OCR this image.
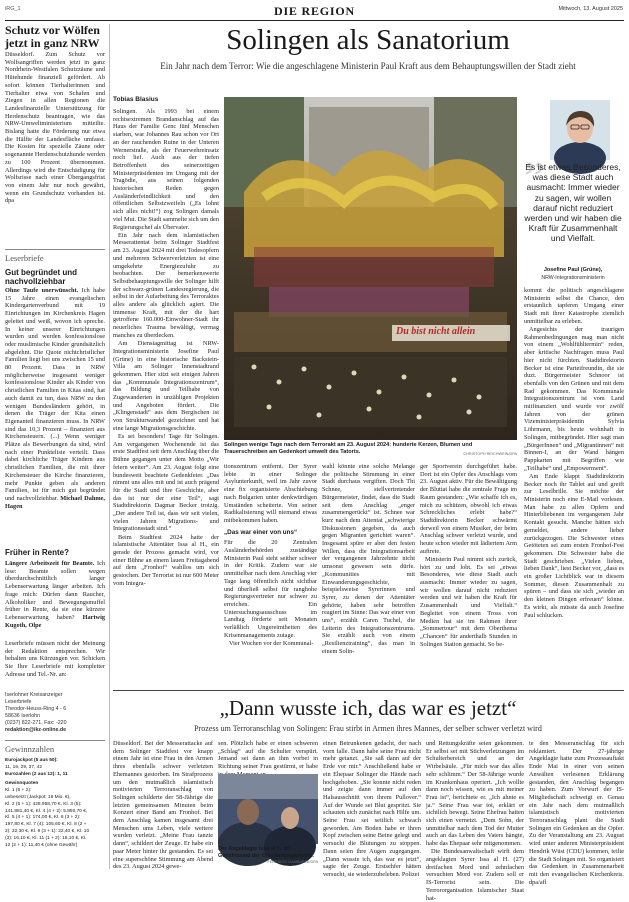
iRG_1	DIE REGION	Mittwoch, 13. August 2025
Schutz vor Wölfen jetzt in ganz NRW

Düsseldorf. Zum Schutz vor Wolfsangriffen werden jetzt in ganz Nordrhein-Westfalen Schutzzäune und Hütehunde finanziell gefördert. Ab sofort können Tierhalterinnen und Tierhalter etwa von Schafen und Ziegen in allen Regionen die Landesfinanzielle Unterstützung für Herdenschutz beantragen, wie das NRW-Umweltministerium mitteilte. Bislang hatte die Förderung nur etwa die Hälfte der Landesfläche umfasst. Die Kosten für spezielle Zäune oder sogenannte Herdenschutzhunde werden zu 100 Prozent übernommen. Allerdings wird die Entschädigung für Wolfsrisse nach einer Übergangsfrist von einem Jahr nur noch gewährt, wenn ein Grundschutz vorhanden ist. dpa

Leserbriefe
Gut begründet und nachvollziehbar

Ohne Taufe unerwünscht. Ich habe 15 Jahre einen evangelischen Kindergartenverbund mit 19 Einrichtungen im Kirchenkreis Hagen geleitet und weiß, wovon ich spreche. In keiner unserer Einrichtungen wurden und werden konfessionslose oder muslimische Kinder grundsätzlich abgelehnt. Die Quote nichtchristlicher Familien liegt bei uns zwischen 15 und 80 Prozent. Dass in NRW möglicherweise insgesamt weniger konfessionslose Kinder als Kinder von christlichen Familien in Kitas sind, hat auch damit zu tun, dass NRW zu den wenigen Bundesländern gehört, in denen die Träger der Kita einen Eigenanteil finanzieren muss. In NRW sind das 10,3 Prozent – finanziert aus Kirchensteuern. (...) Wenn weniger Plätze als Bewerbungen da sind, wird nach einer Punkteliste verteilt. Dass dabei kirchliche Träger Kindern aus christlichen Familien, die mit ihrer Kirchensteuer die Kirche finanzieren, mehr Punkte geben als anderen Familien, ist für mich gut begründet und nachvollziehbar. Michael Dahme, Hagen

Früher in Rente?

Längere Arbeitszeit für Beamte. Ich lese: Beamte sollen wegen überdurchschnittlich langer Lebenserwartung länger arbeiten. Ich frage mich: Dürfen dann Raucher, Alkoholiker und Bewegungsmuffel früher in Rente, da sie eine kürzere Lebenserwartung haben? Hartwig Kugoth, Olpe

Leserbriefe müssen nicht der Meinung der Redaktion entsprechen. Wir behalten uns Kürzungen vor. Schicken Sie Ihre Leserbriefe mit kompletter Adresse und Tel.-Nr. an:

Iserlohner Kreisanzeiger
Leserbriefe
Theodor-Heuss-Ring 4 - 6
58636 Iserlohn
(0237) 822-271, Fax: -220
redaktion@ikz-online.de
Gewinnzahlen
Eurojackpot (5 aus 50):
11, 16, 29, 37, 42
Eurozahlen (2 aus 12): 1, 11
Gewinnquoten
Kl. 1 (5 + 2):
unbesetzt (Jackpot: 18 Mio. €),
Kl. 2 (5 + 1): 428.958,70 €, Kl. 3 (5):
141.881,40 €, Kl. 4 (4 + 2): 5.850,70 €,
Kl. 5 (4 + 1): 174,00 €, Kl. 6 (3 + 2):
197,80 €, Kl. 7 (4): 105,60 €, Kl. 8 (2 +
2): 32,30 €, Kl. 9 (3 + 1): 22,40 €, Kl. 10
(3): 16,10 €, Kl. 11 (1 + 2): 16,10 €, Kl.
12 (2 + 1): 11,40 € (ohne Gewähr)
Solingen als Sanatorium
Ein Jahr nach dem Terror: Wie die angeschlagene Ministerin Paul Kraft aus dem Behauptungswillen der Stadt zieht
Tobias Blasius

Solingen. Als 1993 bei einem rechtsextremen Brandanschlag auf das Haus der Familie Genc fünf Menschen starben, war Johannes Rau schon vor Ort an der rauchenden Ruine in der Unteren Wernerstraße, als der Feuerwehreinsatz noch lief. Auch aus der tiefen Betroffenheit des seinerzeitigen Ministerpräsidenten im Umgang mit der Tragödie, aus seinen folgenden historischen Reden gegen Ausländerfeindlichkeit und den öffentlichen Selbstzweifeln („Es lohnt sich alles nicht!“) zog Solingen damals viel Mut. Die Stadt sammelte sich um den Regierungschef als Übervater.

Ein Jahr nach dem islamistischen Messerattentat beim Solinger Stadtfest am 23. August 2024 mit drei Todesopfern und mehreren Schwerverletzten ist eine umgekehrte Energiezufuhr zu beobachten. Der bemerkenswerte Selbstbehauptungswille der Solinger hilft der schwarz-grünen Landesregierung, die selbst in der Aufarbeitung des Terroraktes alles andere als glücklich agiert. Die immense Kraft, mit der die hart getroffene 160.000-Einwohner-Stadt ihr neuerliches Trauma bewältigt, vermag manches zu überdecken.

Am Dienstagmittag ist NRW-Integrationsministerin Josefine Paul (Grüne) in eine historische Backstein-Villa am Solinger Innenstadtrand gekommen. Hier sitzt seit einigen Jahren das „Kommunale Integrationszentrum“, das Bildung und Teilhabe von Zugewanderten in unzähligen Projekten und Angeboten fördert. Die „Klingenstadt“ aus dem Bergischen ist von Strukturwandel gezeichnet und hat eine lange Migrationsgeschichte.

Es sei besonders! Tage für Solingen. Am vergangenen Wochenende ist das erste Stadtfest seit dem Anschlag über die Bühne gegangen unter dem Motto „Wir feiern weiter“. Am 23. August folgt eine bundesweit beachtete Gedenkfeier. „Das nimmt uns alles mit und ist auch prägend für die Stadt und ihre Geschichte, aber das ist nur der eine Teil“, sagt Stadtdirektorin Dagmar Becker trotzig. „Der andere Teil ist, dass wir seit vielen, vielen Jahren Migrations- und Integrationsstadt sind.“

Beim Stadtfest 2024 hatte der islamistische Attentäter Issa al H., ein gerade der Prozess gemacht wird, vor einer Bühne an einem lauen Freitagabend auf dem „Fronhof“ wahllos um sich gestochen. Der Terrorist ist nur 600 Meter vom Integra-

Du bist nicht allein
Solingen wenige Tage nach dem Terrorakt am 23. August 2024: hunderte Kerzen, Blumen und Trauerschreiben am Gedenkort umwelt des Tatorts.	CHRISTOPH REICHWEIN/DPA

tionszentrum entfernt. Der Syrer lebte in einer Solinger Asylunterkunft, weil im Jahr zuvor eine fix organisierte Abschiebung nach Bulgarien unter denkwürdigen Umständen scheiterte. Von seiner Radikalisierung will niemand etwas mitbekommen haben.

„Das war einer von uns“

Für die 20 Zentralen Ausländerbehörden zuständige Ministerin Paul steht seither schwer in der Kritik. Zudem war sie unmittelbar nach dem Anschlag vier Tage lang öffentlich nicht sichtbar und überließ selbst für ranghohe Regierungsvertreter nur schwer zu erreichen. Ein Untersuchungsausschuss im Landtag förderte seit Monaten verläßlich Ungereimtheiten des Krisenmanagements zutage.

Vier Wochen vor der Kommunal-

wahl könnte eine solche Melange die politische Stimmung in einer Stadt durchaus vergiften. Doch Thi Schnee, stellvertretender Bürgermeister, findet, dass die Stadt seit dem Anschlag „enger zusammengerückt“ ist. Schnee war kurz nach dem Attentat „schwierige Diskussionen gegeben, da auch gegen Migranten gerichtet waren“. Insgesamt spüre er aber den festen Willen, dass die Integrationsarbeit der vergangenen Jahrzehnte nicht umsonst gewesen sein dürfe. „Kommunities mit Einwanderungsgeschichte, beispielsweise Syrerinnen und Syrer, zu denen der Attentäter gehörte, haben sehr betroffen reagiert im Sinne: Das war einer von uns“, erzählt Caren Tuchel, die Leiterin des Integrationszentrums. Sie erzählt auch von einem „Resilienztraining“, das man in einem Solin-

ger Sportverein durchgeführt habe. Dort ist ein Opfer des Anschlags vom 23. August aktiv. Für die Bewältigung der Bluttat habe die zentrale Frage im Raum gestanden: „Wie schaffe ich es, mich zu schützen, obwohl ich etwas Schreckliches erlebt habe?“ Stadtdirektorin Becker schwärmt derweil von einem Musiker, der beim Anschlag schwer verletzt wurde, und heute schon wieder mit lädiertem Arm auftrete.

Ministerin Paul nimmt sich zurück, hört zu und lobt. Es sei „etwas Besonderes, wie diese Stadt auch ausmacht: Immer wieder zu sagen, wir wollen darauf nicht reduziert werden und wir haben die Kraft für Zusammenhalt und Vielfalt.“ Begleitet von einem Tross von Medien hat sie im Rahmen ihrer „Sommertour“ mit dem Oberthema „Chancen“ für anderthalb Stunden in Solingen Station gemacht. So be-

”
Es ist etwas Besonderes, was diese Stadt auch ausmacht: Immer wieder zu sagen, wir wollen darauf nicht reduziert werden und wir haben die Kraft für Zusammenhalt und Vielfalt.
Josefine Paul (Grüne),
NRW-Integrationsministerin

kommt die politisch angeschlagene Ministerin selbst die Chance, den erstaunlich tapferen Umgang einer Stadt mit ihrer Katastrophe ziemlich unmittelbar zu erleben.

Angesichts der traurigen Rahmenbedingungen mag man nicht von einem „Wohlfühltermin“ reden, aber kritische Nachfragen muss Paul hier nicht fürchten. Stadtdirektorin Becker ist eine Parteifreundin, die sie duzt. Bürgermeister Schnoor ist ebenfalls von den Grünen und mit dem Rad gekommen. Das Kommunale Integrationszentrum ist vom Land mitfinanziert und wurde vor zwölf Jahren von der grünen Vizeministerpräsidentin Sylvia Löhrmann, bis heute wohnhaft in Solingen, mitbegründet. Hier sagt man „BürgerInnen“ und „Migrantinnen“ mit Binnen-I, an der Wand hängen Pappkarten mit Begriffen wie „Teilhabe“ und „Empowerment“.

Am Ende klappt Stadtdirektorin Becker noch ihr Tablet auf und greift zur Leselbrille. Sie möchte der Ministerin noch eine E-Mail vorlesen. Man habe zu allen Opfern und Hinterbliebenen im vergangenen Jahr Kontakt gesucht. Manche hätten sich gemeldet, andere lieber zurückgezogen. Die Schwester eines Getöteten sei zum ersten Fronhof-Fest gekommen. Die Schwester habe die Stadt geschrieben. „Vielen lieben, lieben Dank“, liest Becker vor, „dass es ein großer Lichtblick war in diesem Sommer, diesen Zusammenhalt zu spüren – und dass sie sich „wieder an den kleinen Dingen erfreuen“ könne. Es wirkt, als müsste da auch Josefine Paul schlucken.

„Dann wusste ich, das war es jetzt“
Prozess um Terroranschlag von Solingen: Frau stirbt in Armen ihres Mannes, der selber schwer verletzt wird

Düsseldorf. Bei der Messerattacke auf dem Solinger Stadtfest vor knapp einem Jahr ist eine Frau in den Armen ihres ebenfalls schwer verletzten Ehemannes gestorben. Im Strafprozess um den mutmaßlich islamistisch motivierten Terroranschlag von Solingen schilderte der 58-Jährige die letzten gemeinsamen Minuten beim Konzert einer Band am Fronhof. Bei dem Anschlag kamen insgesamt drei Menschen ums Leben, viele weitere wurden verletzt. „Meine Frau tanzte dann“, schildert der Zeuge. Er habe ein paar Meter hinter ihr gestanden. Es sei eine superschöne Stimmung am Abend des 23. August 2024 gewe-

sen. Plötzlich habe er einen schweren „Schlag“ auf die Schulter verspürt. Jemand sei dann an ihm vorbei in Richtung seiner Frau gestürmt, er habe

Der Angeklagte Issa al H. im Gerichtssaal der Oberlandesgerichts.
FEDERICO GAMBARINI/DPA

einen Betrunkenen gedacht, der nach vorn falle. Dann habe seine Frau nicht mehr getanzt. „Sie saß dann auf der Erde vor mir.“ Anschließend habe er ein Ehepaar Solinger die Hände nach hochgehoben. „Sie konnte nicht reden und zeigte dann immer auf den Halsausschnitt von ihrem Pullover.“ Auf der Wunde sei Blut gespritzt. Sie schauten sich zunächst nach Hilfe um. Seine Frau sei seitlich schwach geworden. Am Boden habe er ihren Kopf zwischen seine Beine gelegt und versucht die Blutungen zu stoppen. Dann seien ihre Augen zugegangen. „Dann wusste ich, das war es jetzt“, sagte der Zeuge. Erstsehfer hätten versucht, sie wiederzubeleben. Polizei

und Rettungskräfte seien gekommen. Er selbst sei mit Stichverletzungen im Schulterbereich und an der Wirbelsäule. „Für mich war das alles sehr schlimm.“ Der 58-Jährige wurde im Krankenhaus operiert. „Ich wollte dann noch wissen, wie es mit meiner Frau ist“, berichtete er. „Ich ahnte es ja.“ Seine Frau war tot, erklärt er sichtlich bewegt. Seine Ehefrau hatten sich einen vernetzt. „Dem Sohn, der unmittelbar nach dem Tod der Mutter auch an das Leben des Vaters hängte, habe das Ehepaar sehr mitgenommen.

Die Bundesanwaltschaft wirft dem angeklagten Syrer Issa al H. (27) dreifachen Mord und zehnfachen versuchten Mord vor. Zudem soll er IS-Terrorist sein. Die Terrororganisation Islamischer Staat hat-

te den Messeranschlag für sich reklamiert. Der 27-jährige Angeklagte hatte zum Prozessauftakt Ende Mai in einer von seinen Anwälten verlesenen Erklärung gestanden, den Anschlag begangen zu haben. Zum Vorwurf der IS-Mitgliedschaft schweigt er. Genau ein Jahr nach dem mutmaßlich islamistisch motivierten Terroranschlag plant die Stadt Solingen ein Gedenken an die Opfer. Zu der Veranstaltung am 23. August wird unter anderen Ministerpräsident Hendrik Wüst (CDU) kommen, teilte die Stadt Solingen mit. So organisiert das Gedenken in Zusammenarbeit mit den evangelischen Kirchenkreis. dpa/afl
